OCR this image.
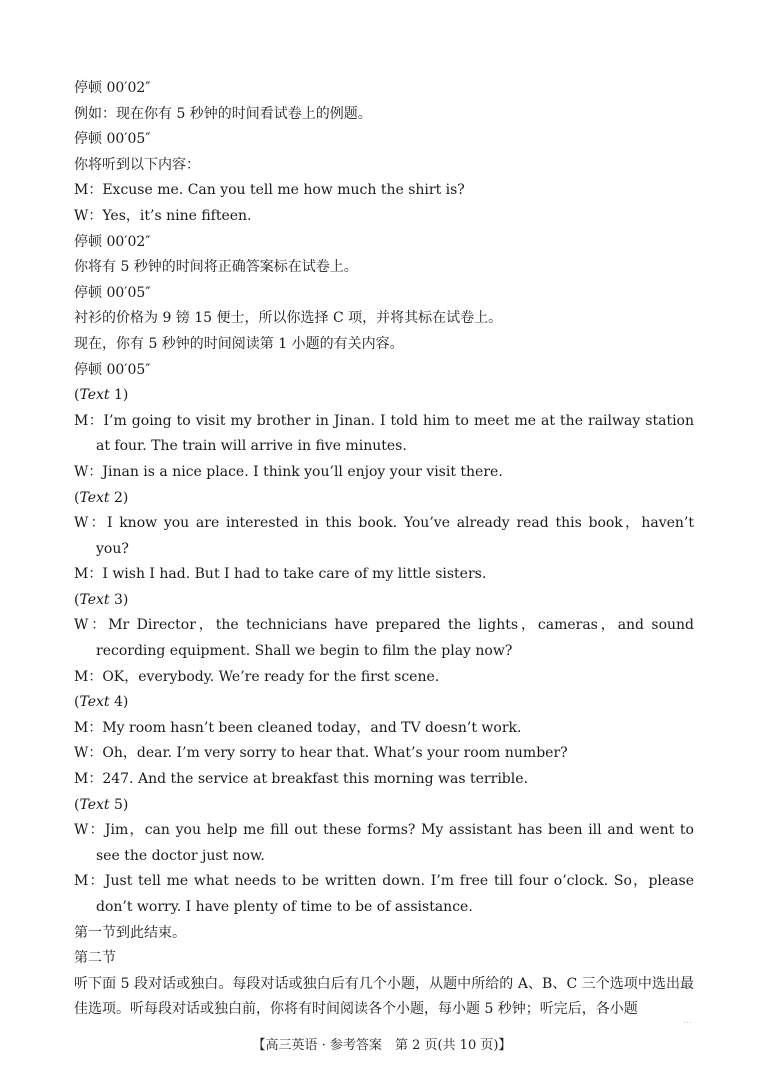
停顿 00′02″
例如：现在你有 5 秒钟的时间看试卷上的例题。
停顿 00′05″
你将听到以下内容：
M：Excuse me. Can you tell me how much the shirt is?
W：Yes，it’s nine fifteen.
停顿 00′02″
你将有 5 秒钟的时间将正确答案标在试卷上。
停顿 00′05″
衬衫的价格为 9 镑 15 便士，所以你选择 C 项，并将其标在试卷上。
现在，你有 5 秒钟的时间阅读第 1 小题的有关内容。
停顿 00′05″
(Text 1)
M：I’m going to visit my brother in Jinan. I told him to meet me at the railway station at four. The train will arrive in five minutes.
W：Jinan is a nice place. I think you’ll enjoy your visit there.
(Text 2)
W：I know you are interested in this book. You’ve already read this book，haven’t you?
M：I wish I had. But I had to take care of my little sisters.
(Text 3)
W：Mr Director，the technicians have prepared the lights，cameras，and sound recording equipment. Shall we begin to film the play now?
M：OK，everybody. We’re ready for the first scene.
(Text 4)
M：My room hasn’t been cleaned today，and TV doesn’t work.
W：Oh，dear. I’m very sorry to hear that. What’s your room number?
M：247. And the service at breakfast this morning was terrible.
(Text 5)
W：Jim，can you help me fill out these forms? My assistant has been ill and went to see the doctor just now.
M：Just tell me what needs to be written down. I’m free till four o’clock. So，please don’t worry. I have plenty of time to be of assistance.
第一节到此结束。
第二节
听下面 5 段对话或独白。每段对话或独白后有几个小题，从题中所给的 A、B、C 三个选项中选出最佳选项。听每段对话或独白前，你将有时间阅读各个小题，每小题 5 秒钟；听完后，各小题
...
【高三英语 · 参考答案　第 2 页(共 10 页)】
